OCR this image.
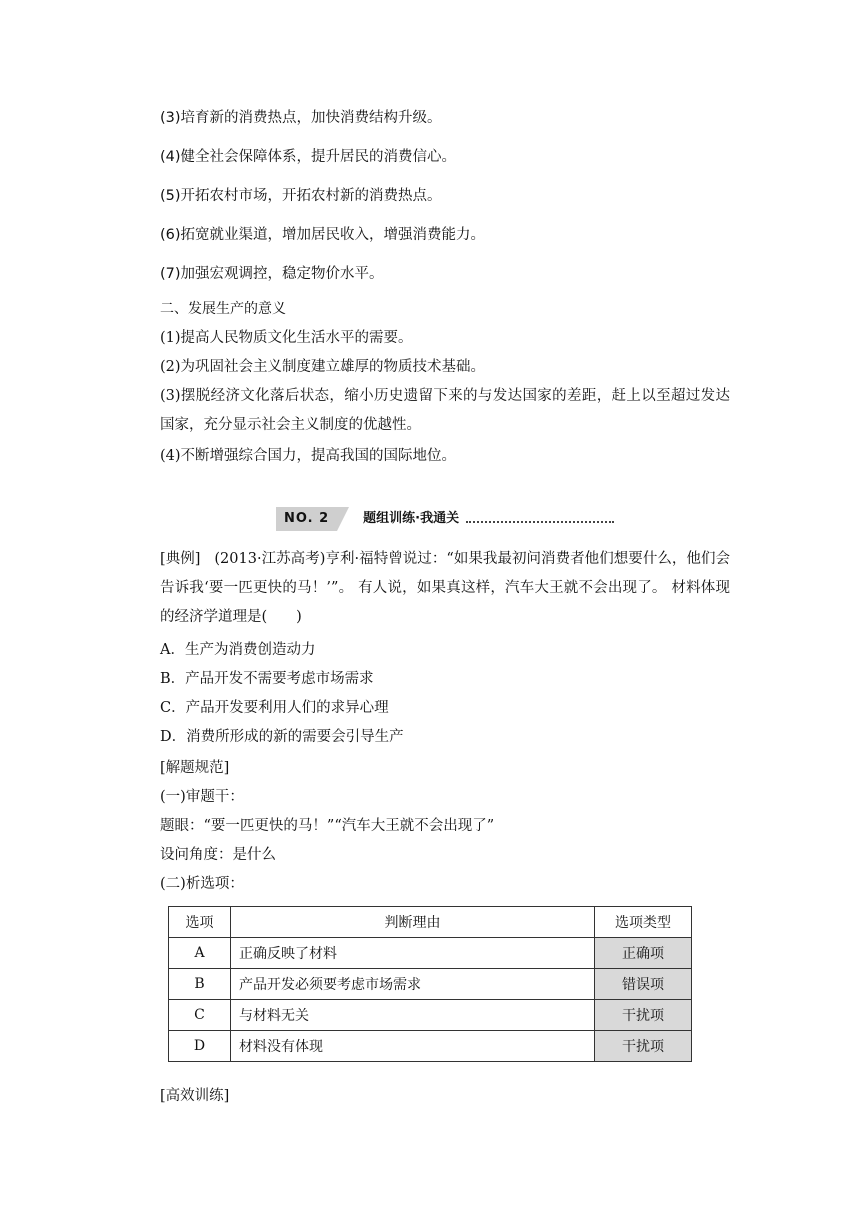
(3)培育新的消费热点，加快消费结构升级。
(4)健全社会保障体系，提升居民的消费信心。
(5)开拓农村市场，开拓农村新的消费热点。
(6)拓宽就业渠道，增加居民收入，增强消费能力。
(7)加强宏观调控，稳定物价水平。
二、发展生产的意义
(1)提高人民物质文化生活水平的需要。
(2)为巩固社会主义制度建立雄厚的物质技术基础。
(3)摆脱经济文化落后状态，缩小历史遗留下来的与发达国家的差距，赶上以至超过发达国家，充分显示社会主义制度的优越性。
(4)不断增强综合国力，提高我国的国际地位。
NO. 2	题组训练·我通关
[典例] (2013·江苏高考)亨利·福特曾说过：“如果我最初问消费者他们想要什么，他们会告诉我‘要一匹更快的马！’”。 有人说，如果真这样，汽车大王就不会出现了。 材料体现的经济学道理是(　　)
A．生产为消费创造动力
B．产品开发不需要考虑市场需求
C．产品开发要利用人们的求异心理
D．消费所形成的新的需要会引导生产
[解题规范]
(一)审题干：
题眼：“要一匹更快的马！”“汽车大王就不会出现了”
设问角度：是什么
(二)析选项：
选项	判断理由	选项类型
A	正确反映了材料	正确项
B	产品开发必须要考虑市场需求	错误项
C	与材料无关	干扰项
D	材料没有体现	干扰项
[高效训练]
